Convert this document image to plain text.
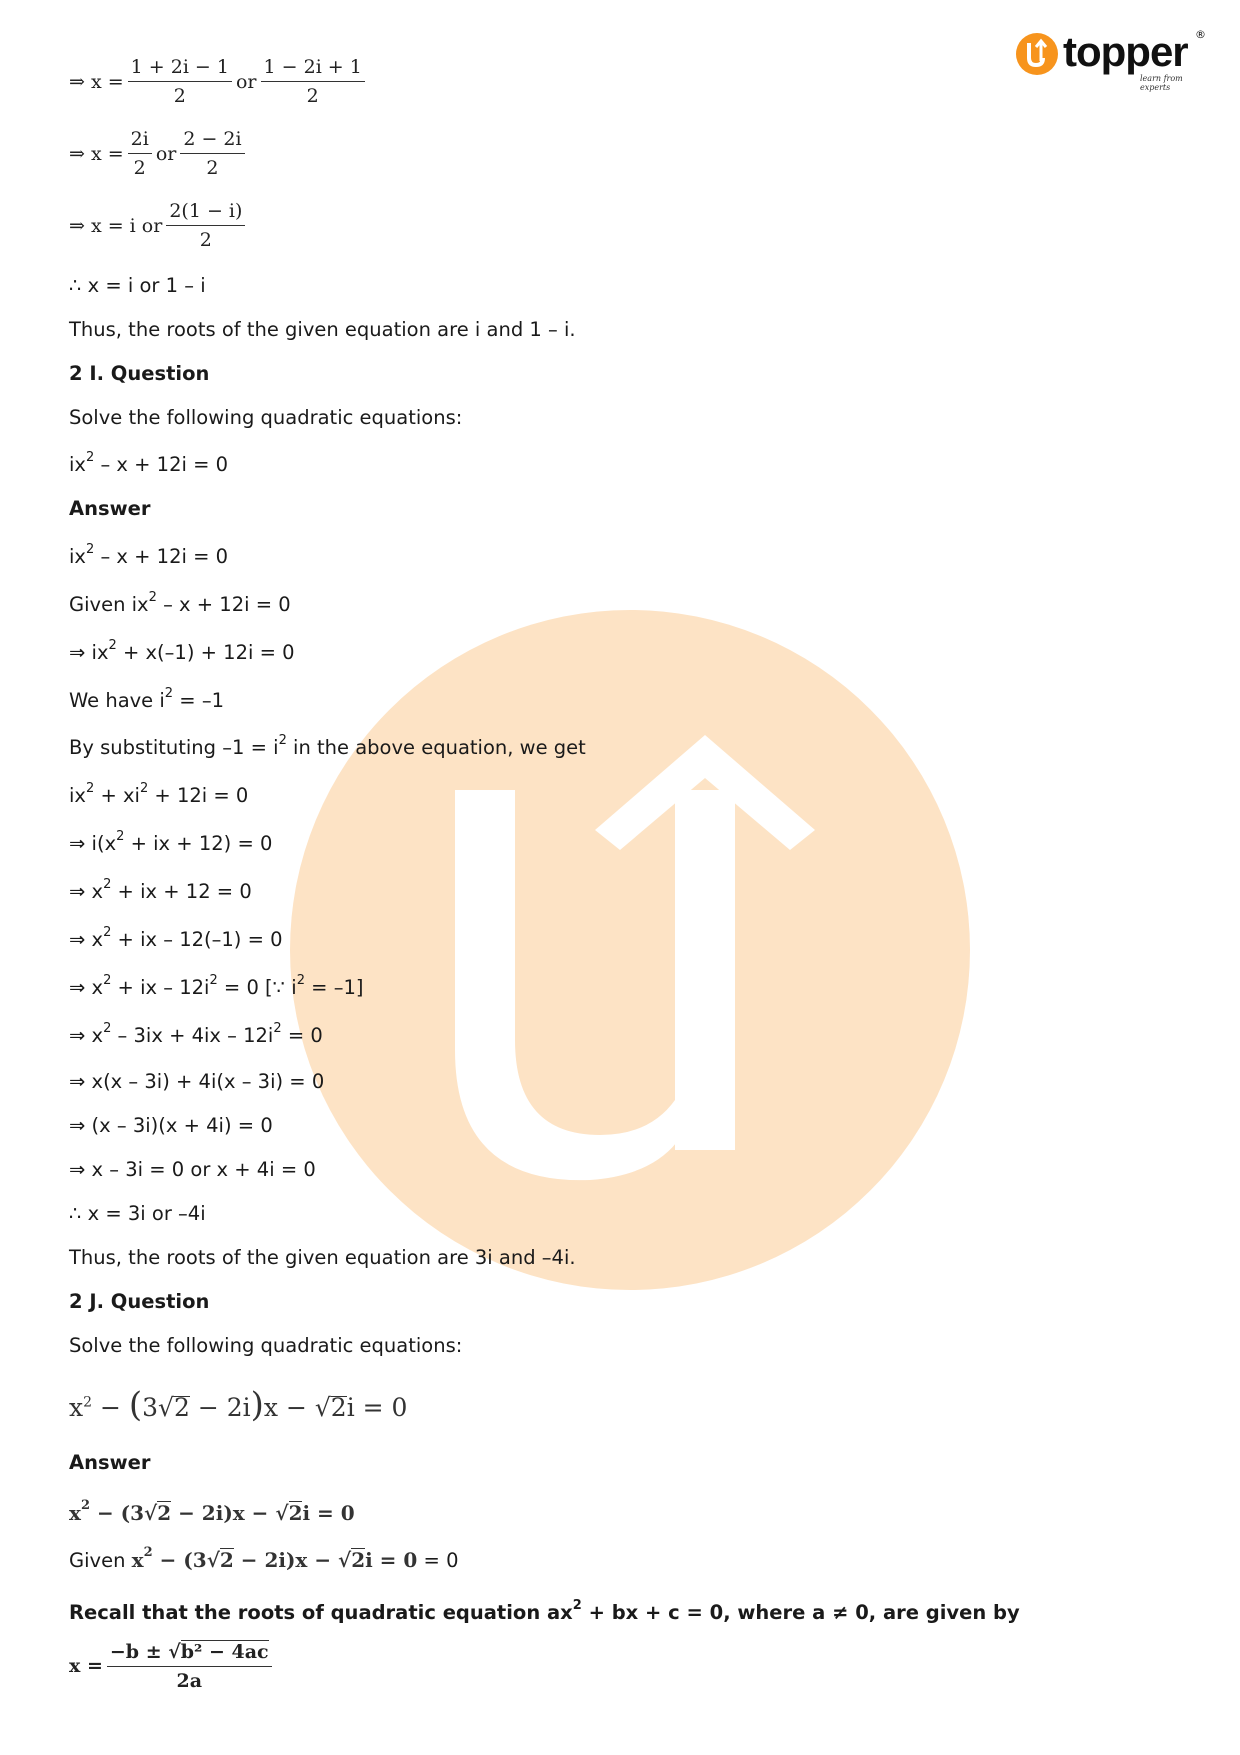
topper ®
learn from experts
⇒ $x = \frac{1 + 2i - 1}{2}$ or $\frac{1 - 2i + 1}{2}$
⇒ $x = \frac{2i}{2}$ or $\frac{2 - 2i}{2}$
⇒ x = i or $\frac{2(1 - i)}{2}$
∴ x = i or 1 – i
Thus, the roots of the given equation are i and 1 – i.
2 I. Question
Solve the following quadratic equations:
$ix^2 - x + 12i = 0$
Answer
$ix^2 - x + 12i = 0$
Given $ix^2 - x + 12i = 0$
⇒ $ix^2 + x(-1) + 12i = 0$
We have $i^2 = -1$
By substituting $-1 = i^2$ in the above equation, we get
$ix^2 + xi^2 + 12i = 0$
⇒ $i(x^2$ + ix + 12) = 0
⇒ $x^2$ + ix + 12 = 0
⇒ $x^2$ + ix – 12(–1) = 0
⇒ $x^2$ + ix – $12i^2 = 0$ [∵ $i^2 = -1$]
⇒ $x^2 - 3ix + 4ix - 12i^2 = 0$
⇒ x(x – 3i) + 4i(x – 3i) = 0
⇒ (x – 3i)(x + 4i) = 0
⇒ x – 3i = 0 or x + 4i = 0
∴ x = 3i or –4i
Thus, the roots of the given equation are 3i and –4i.
2 J. Question
Solve the following quadratic equations:
$x^2 - (3√2 - 2i)x - √2i = 0$
Answer
$x^2 - (3√2 - 2i)x - √2i = 0$
Given $x^2 - (3√2 - 2i)x - √2i = 0 = 0$
Recall that the roots of quadratic equation $ax^2$ + bx + c = 0, where a ≠ 0, are given by
$x = \frac{\text{−b ± √b² − 4ac}}{2a}$
